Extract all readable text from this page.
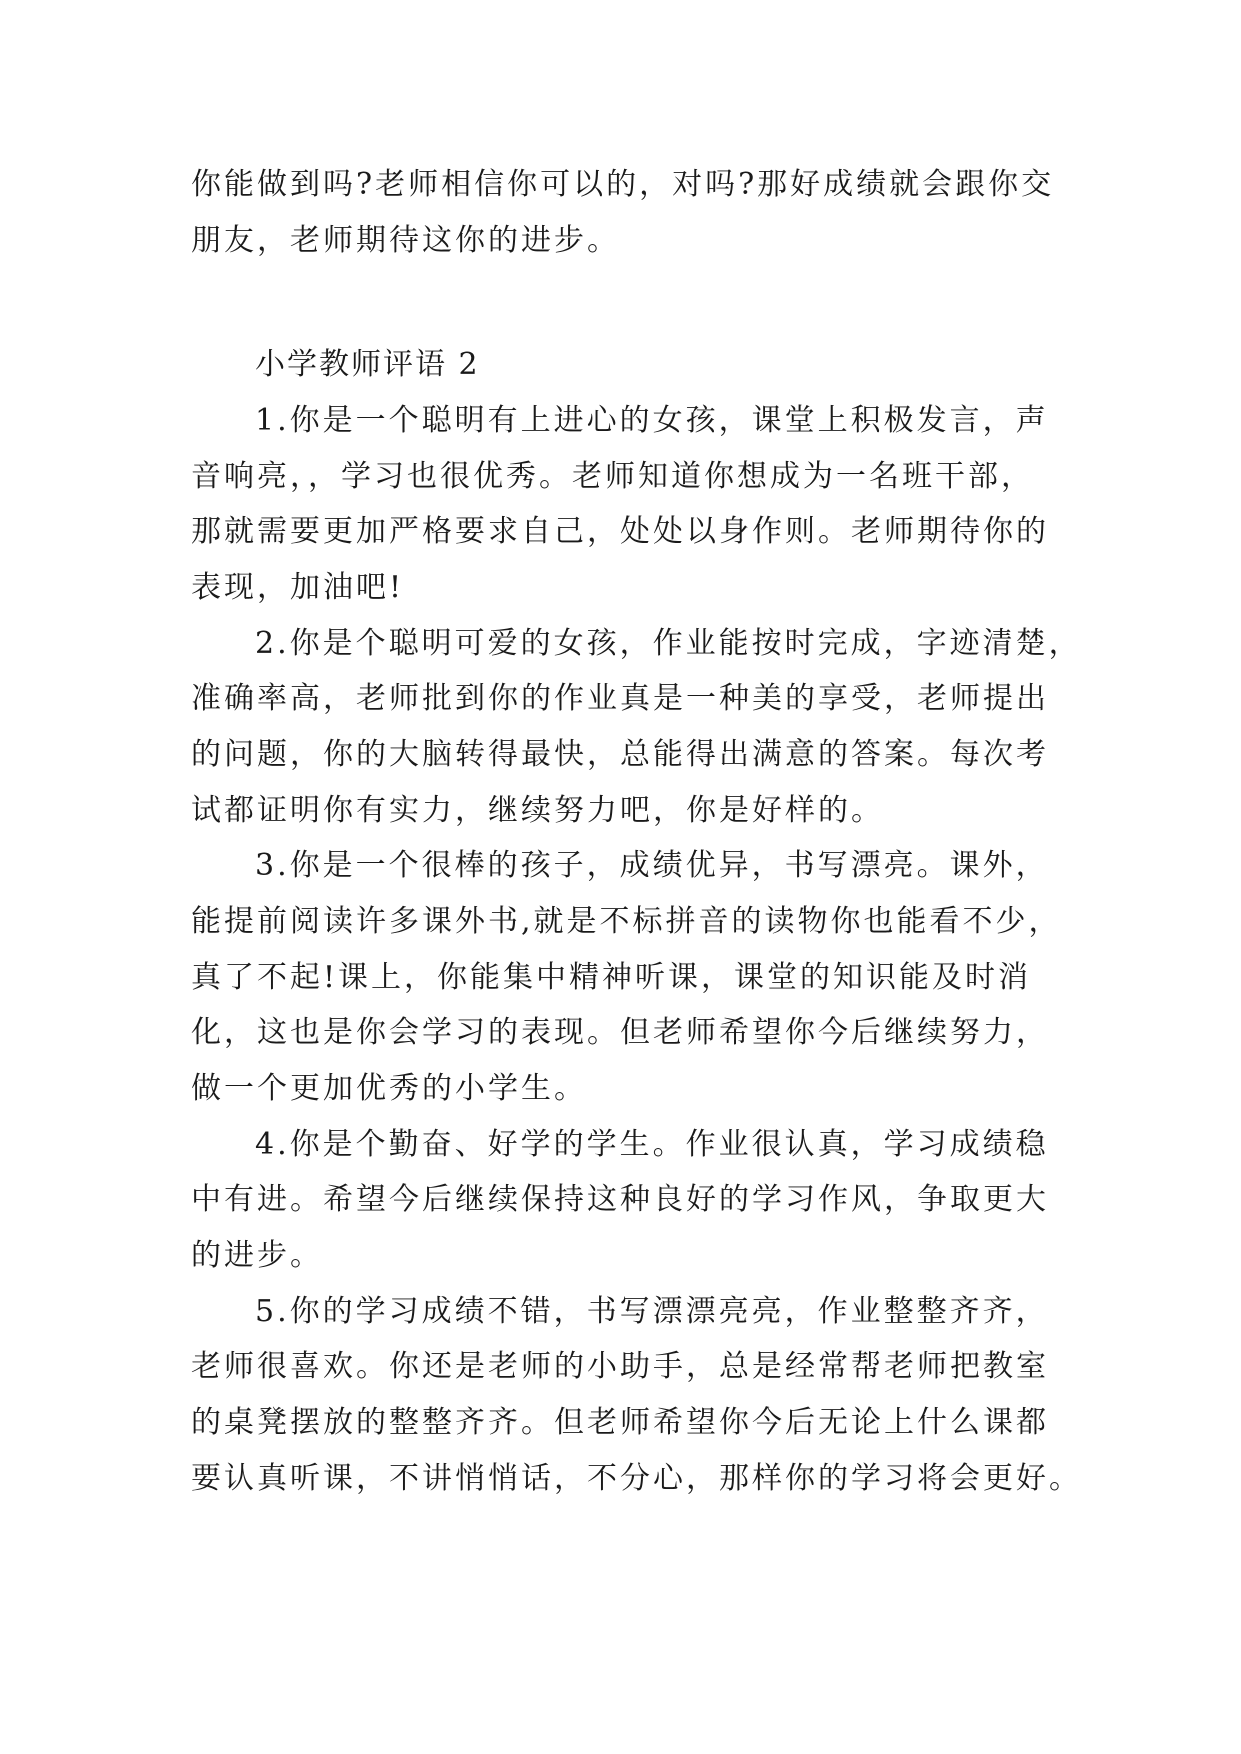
你能做到吗?老师相信你可以的，对吗?那好成绩就会跟你交
朋友，老师期待这你的进步。
小学教师评语 2
1.你是一个聪明有上进心的女孩，课堂上积极发言，声
音响亮，，学习也很优秀。老师知道你想成为一名班干部，
那就需要更加严格要求自己，处处以身作则。老师期待你的
表现，加油吧!
2.你是个聪明可爱的女孩，作业能按时完成，字迹清楚，
准确率高，老师批到你的作业真是一种美的享受，老师提出
的问题，你的大脑转得最快，总能得出满意的答案。每次考
试都证明你有实力，继续努力吧，你是好样的。
3.你是一个很棒的孩子，成绩优异，书写漂亮。课外，
能提前阅读许多课外书,就是不标拼音的读物你也能看不少，
真了不起!课上，你能集中精神听课，课堂的知识能及时消
化，这也是你会学习的表现。但老师希望你今后继续努力，
做一个更加优秀的小学生。
4.你是个勤奋、好学的学生。作业很认真，学习成绩稳
中有进。希望今后继续保持这种良好的学习作风，争取更大
的进步。
5.你的学习成绩不错，书写漂漂亮亮，作业整整齐齐，
老师很喜欢。你还是老师的小助手，总是经常帮老师把教室
的桌凳摆放的整整齐齐。但老师希望你今后无论上什么课都
要认真听课，不讲悄悄话，不分心，那样你的学习将会更好。
